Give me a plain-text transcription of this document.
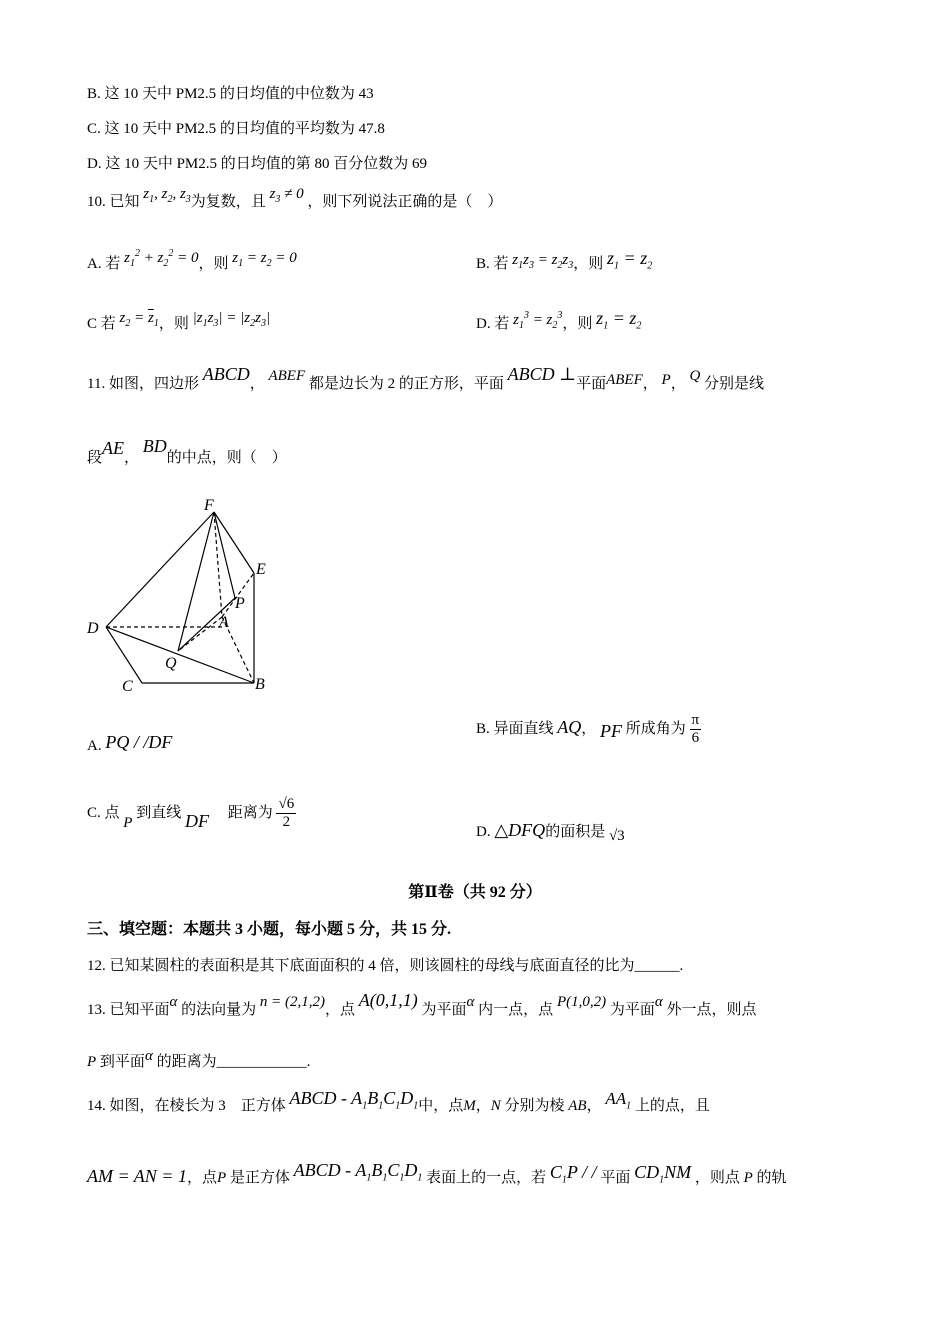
B. 这 10 天中 PM2.5 的日均值的中位数为 43
C. 这 10 天中 PM2.5 的日均值的平均数为 47.8
D. 这 10 天中 PM2.5 的日均值的第 80 百分位数为 69
10. 已知 $z_1$, $z_2$, $z_3$为复数，且 $z_3 \ne 0$ ，则下列说法正确的是（　）
A. 若 $z_1^2 + z_2^2 = 0$，则 $z_1 = z_2 = 0$	B. 若 $z_1z_3 = z_2z_3$，则 $z_1 = z_2$
C 若 $z_2 = \overline{z}_1$，则 $|z_1z_3| = |z_2z_3|$	D. 若 $z_1^3 = z_2^3$，则 $z_1 = z_2$
11. 如图，四边形 ABCD， ABEF 都是边长为 2 的正方形，平面 ABCD ⊥平面ABEF， P， Q 分别是线
段AE， BD的中点，则（　）
F
E
P
A
D
Q
C	B
A. PQ / /DF
B. 异面直线 AQ， PF 所成角为 $\frac{\pi}{6}$
C. 点 P 到直线 DF 　 距离为 $\frac{√6}{2}$
D. △DFQ的面积是 √3
第Ⅱ卷（共 92 分）
三、填空题：本题共 3 小题，每小题 5 分，共 15 分.
12. 已知某圆柱的表面积是其下底面面积的 4 倍，则该圆柱的母线与底面直径的比为______.
13. 已知平面α 的法向量为 n = (2,1,2)，点 A(0,1,1) 为平面α 内一点，点 P(1,0,2) 为平面α 外一点，则点
P 到平面α 的距离为____________.
14. 如图，在棱长为 3　正方体 ABCD - $A_1B_1C_1D_1$中，点M，N 分别为棱 AB， $AA_1$ 上的点，且
AM = AN = 1，点P 是正方体 ABCD - $A_1B_1C_1D_1$ 表面上的一点，若 $C_1P$ / / 平面 $CD_1NM$ ，则点 P 的轨
